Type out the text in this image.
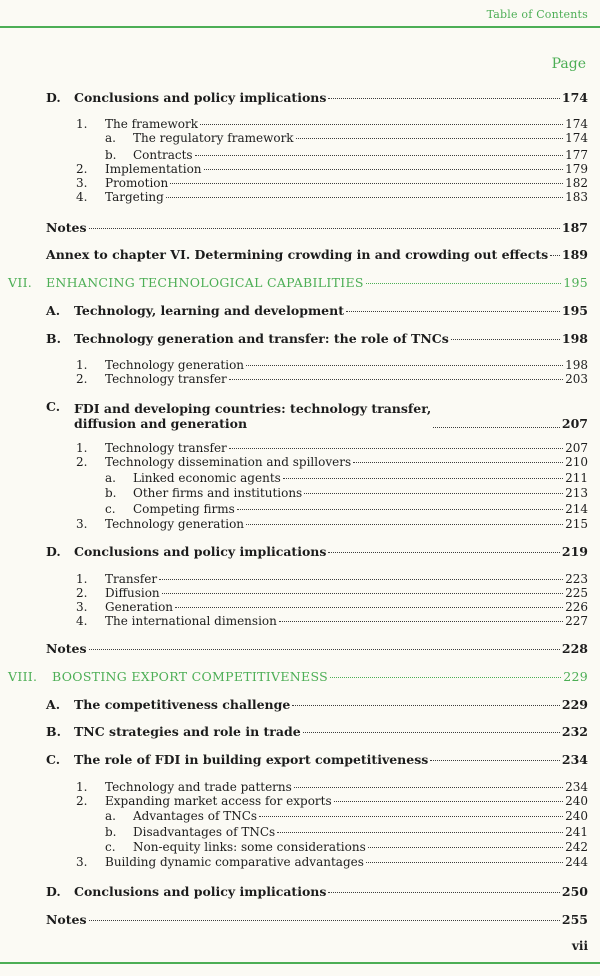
Table of Contents
Page
D.	Conclusions and policy implications	174
1.	The framework	174
a.	The regulatory framework	174
b.	Contracts	177
2.	Implementation	179
3.	Promotion	182
4.	Targeting	183
Notes	187
Annex to chapter VI. Determining crowding in and crowding out effects 189
VII.	ENHANCING TECHNOLOGICAL CAPABILITIES	195
A.	Technology, learning and development	195
B.	Technology generation and transfer: the role of TNCs	198
1.	Technology generation	198
2.	Technology transfer	203
C.	FDI and developing countries: technology transfer,
diffusion and generation	207
1.	Technology transfer	207
2.	Technology dissemination and spillovers	210
a.	Linked economic agents	211
b.	Other firms and institutions	213
c.	Competing firms	214
3.	Technology generation	215
D.	Conclusions and policy implications	219
1.	Transfer	223
2.	Diffusion	225
3.	Generation	226
4.	The international dimension	227
Notes	228
VIII.	BOOSTING EXPORT COMPETITIVENESS	229
A.	The competitiveness challenge	229
B.	TNC strategies and role in trade	232
C.	The role of FDI in building export competitiveness	234
1.	Technology and trade patterns	234
2.	Expanding market access for exports	240
a.	Advantages of TNCs	240
b.	Disadvantages of TNCs	241
c.	Non-equity links: some considerations	242
3.	Building dynamic comparative advantages	244
D.	Conclusions and policy implications	250
Notes	255
vii
